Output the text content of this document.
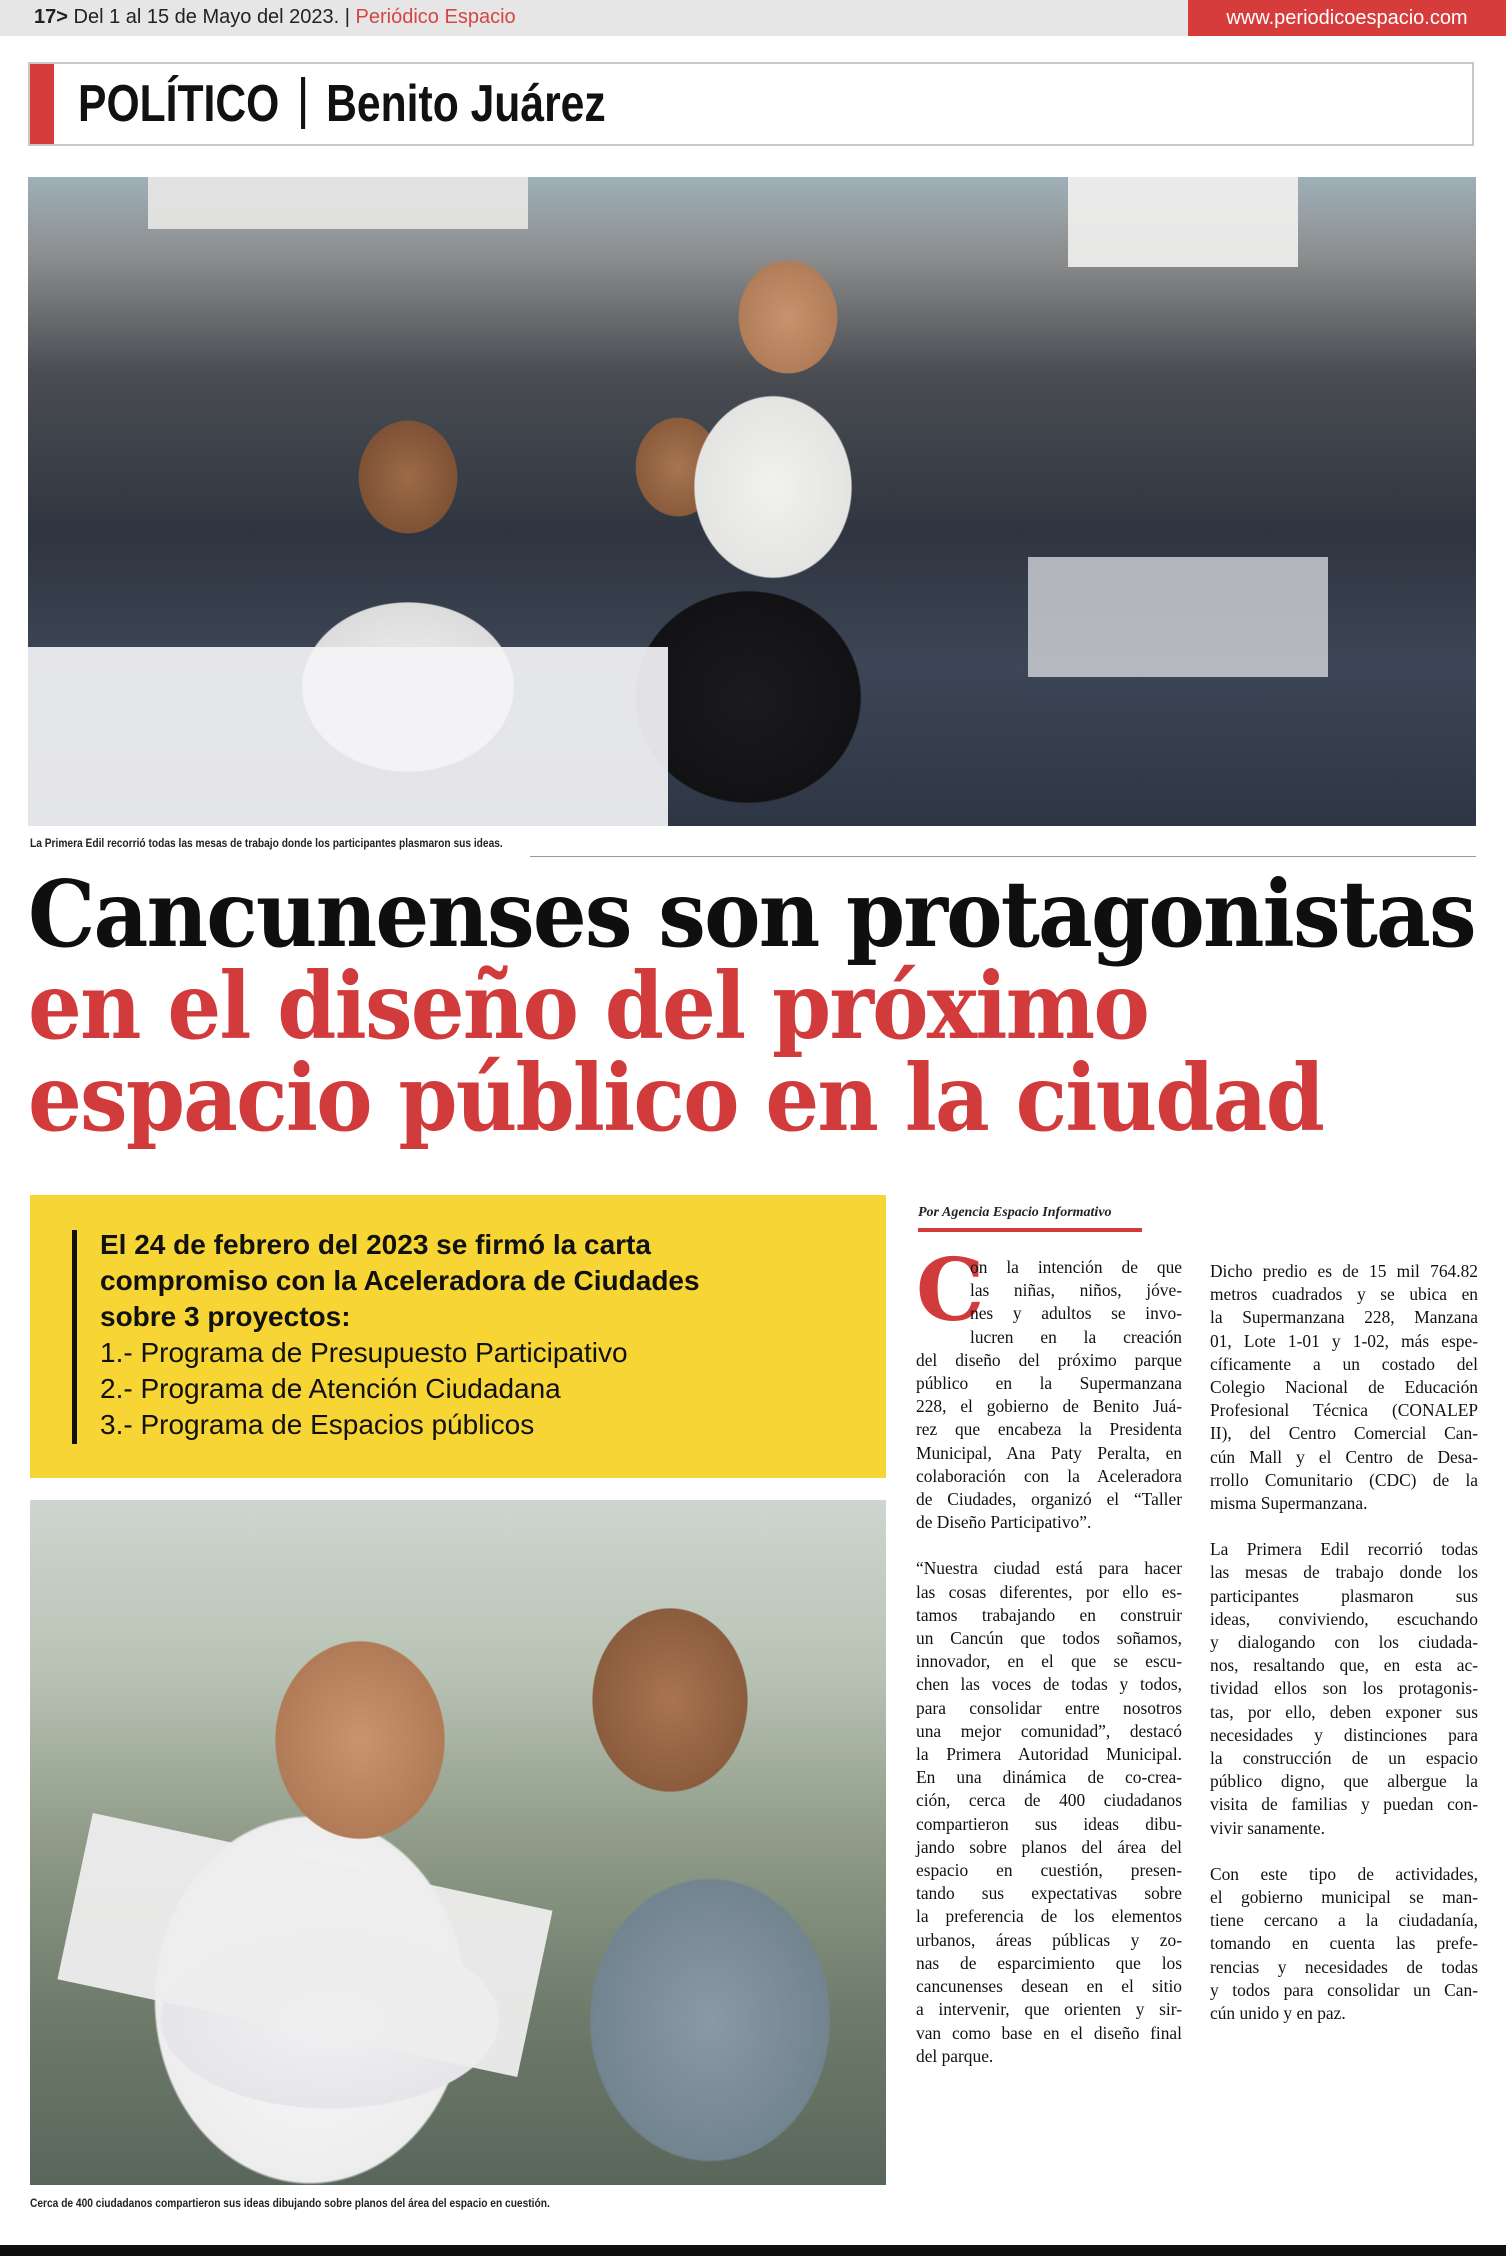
17> Del 1 al 15 de Mayo del 2023. | Periódico Espacio	www.periodicoespacio.com
POLÍTICO Benito Juárez
La Primera Edil recorrió todas las mesas de trabajo donde los participantes plasmaron sus ideas.
Cancunenses son protagonistas
en el diseño del próximo
espacio público en la ciudad
El 24 de febrero del 2023 se firmó la carta
compromiso con la Aceleradora de Ciudades
sobre 3 proyectos:
1.- Programa de Presupuesto Participativo
2.- Programa de Atención Ciudadana
3.- Programa de Espacios públicos
Cerca de 400 ciudadanos compartieron sus ideas dibujando sobre planos del área del espacio en cuestión.
Por Agencia Espacio Informativo
C

on la intención de que

las niñas, niños, jóve-

nes y adultos se invo-

lucren en la creación

del diseño del próximo parque

público en la Supermanzana

228, el gobierno de Benito Juá-

rez que encabeza la Presidenta

Municipal, Ana Paty Peralta, en

colaboración con la Aceleradora

de Ciudades, organizó el “Taller

de Diseño Participativo”.

“Nuestra ciudad está para hacer

las cosas diferentes, por ello es-

tamos trabajando en construir

un Cancún que todos soñamos,

innovador, en el que se escu-

chen las voces de todas y todos,

para consolidar entre nosotros

una mejor comunidad”, destacó

la Primera Autoridad Municipal.

En una dinámica de co-crea-

ción, cerca de 400 ciudadanos

compartieron sus ideas dibu-

jando sobre planos del área del

espacio en cuestión, presen-

tando sus expectativas sobre

la preferencia de los elementos

urbanos, áreas públicas y zo-

nas de esparcimiento que los

cancunenses desean en el sitio

a intervenir, que orienten y sir-

van como base en el diseño final

del parque.

Dicho predio es de 15 mil 764.82

metros cuadrados y se ubica en

la Supermanzana 228, Manzana

01, Lote 1-01 y 1-02, más espe-

cíficamente a un costado del

Colegio Nacional de Educación

Profesional Técnica (CONALEP

II), del Centro Comercial Can-

cún Mall y el Centro de Desa-

rrollo Comunitario (CDC) de la

misma Supermanzana.

La Primera Edil recorrió todas

las mesas de trabajo donde los

participantes plasmaron sus

ideas, conviviendo, escuchando

y dialogando con los ciudada-

nos, resaltando que, en esta ac-

tividad ellos son los protagonis-

tas, por ello, deben exponer sus

necesidades y distinciones para

la construcción de un espacio

público digno, que albergue la

visita de familias y puedan con-

vivir sanamente.

Con este tipo de actividades,

el gobierno municipal se man-

tiene cercano a la ciudadanía,

tomando en cuenta las prefe-

rencias y necesidades de todas

y todos para consolidar un Can-

cún unido y en paz.
